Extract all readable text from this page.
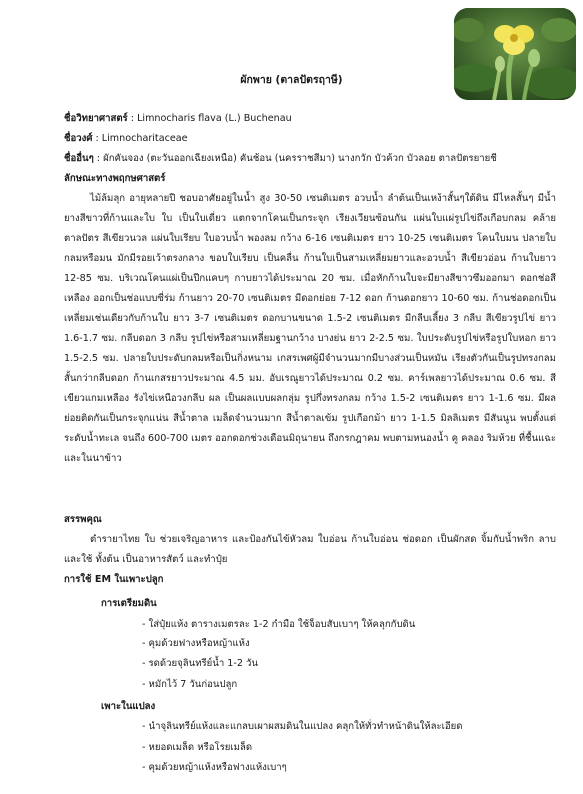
ผักพาย (ตาลปัตรฤาษี)
ชื่อวิทยาศาสตร์ : Limnocharis flava (L.) Buchenau
ชื่อวงศ์ : Limnocharitaceae
ชื่ออื่นๆ : ผักคันจอง (ตะวันออกเฉียงเหนือ) คันช้อน (นครราชสีมา) นางกวัก บัวค้วก บัวลอย ตาลปัตรยายชี
ลักษณะทางพฤกษศาสตร์

ไม้ล้มลุก อายุหลายปี ชอบอาศัยอยู่ในน้ำ สูง 30-50 เซนติเมตร อวบน้ำ ลำต้นเป็นเหง้าสั้นๆใต้ดิน มีไหลสั้นๆ มีน้ำยางสีขาวที่ก้านและใบ ใบ เป็นใบเดี่ยว แตกจากโคนเป็นกระจุก เรียงเวียนซ้อนกัน แผ่นใบแผ่รูปไข่ถึงเกือบกลม คล้ายตาลปัตร สีเขียวนวล แผ่นใบเรียบ ใบอวบน้ำ พองลม กว้าง 6-16 เซนติเมตร ยาว 10-25 เซนติเมตร โคนใบมน ปลายใบกลมหรือมน มักมีรอยเว้าตรงกลาง ขอบใบเรียบ เป็นคลื่น ก้านใบเป็นสามเหลี่ยมยาวและอวบน้ำ สีเขียวอ่อน ก้านใบยาว 12-85 ซม. บริเวณโคนแผ่เป็นปีกแคบๆ กาบยาวได้ประมาณ 20 ซม. เมื่อหักก้านใบจะมียางสีขาวซึมออกมา ดอกช่อสีเหลือง ออกเป็นช่อแบบซี่ร่ม ก้านยาว 20-70 เซนติเมตร มีดอกย่อย 7-12 ดอก ก้านดอกยาว 10-60 ซม. ก้านช่อดอกเป็นเหลี่ยมเช่นเดียวกับก้านใบ ยาว 3-7 เซนติเมตร ดอกบานขนาด 1.5-2 เซนติเมตร มีกลีบเลี้ยง 3 กลีบ สีเขียวรูปไข่ ยาว 1.6-1.7 ซม. กลีบดอก 3 กลีบ รูปไข่หรือสามเหลี่ยมฐานกว้าง บางย่น ยาว 2-2.5 ซม. ใบประดับรูปไข่หรือรูปใบหอก ยาว 1.5-2.5 ซม. ปลายใบประดับกลมหรือเป็นกิ่งหนาม เกสรเพศผู้มีจำนวนมากมีบางส่วนเป็นหมัน เรียงตัวกันเป็นรูปทรงกลม สั้นกว่ากลีบดอก ก้านเกสรยาวประมาณ 4.5 มม. อับเรณูยาวได้ประมาณ 0.2 ซม. คาร์เพลยาวได้ประมาณ 0.6 ซม. สีเขียวแกมเหลือง รังไข่เหนือวงกลีบ ผล เป็นผลแบบผลกลุ่ม รูปกึ่งทรงกลม กว้าง 1.5-2 เซนติเมตร ยาว 1-1.6 ซม. มีผลย่อยติดกันเป็นกระจุกแน่น สีน้ำตาล เมล็ดจำนวนมาก สีน้ำตาลเข้ม รูปเกือกม้า ยาว 1-1.5 มิลลิเมตร มีสันนูน พบตั้งแต่ระดับน้ำทะเล จนถึง 600-700 เมตร ออกดอกช่วงเดือนมิถุนายน ถึงกรกฎาคม พบตามหนองน้ำ คู คลอง ริมห้วย ที่ชื้นแฉะ และในนาข้าว

สรรพคุณ

ตำรายาไทย ใบ ช่วยเจริญอาหาร และป้องกันไข้หัวลม ใบอ่อน ก้านใบอ่อน ช่อดอก เป็นผักสด จิ้มกับน้ำพริก ลาบ และใช้ ทั้งต้น เป็นอาหารสัตว์ และทำปุ๋ย

การใช้ EM ในเพาะปลูก
การเตรียมดิน
- ใส่ปุ๋ยแห้ง ตารางเมตรละ 1-2 กำมือ ใช้จ็อบสับเบาๆ ให้คลุกกับดิน
- คุมด้วยฟางหรือหญ้าแห้ง
- รดด้วยจุลินทรีย์น้ำ 1-2 วัน
- หมักไว้ 7 วันก่อนปลูก
เพาะในแปลง
- นำจุลินทรีย์แห้งและแกลบเผาผสมดินในแปลง คลุกให้ทั่วทำหน้าดินให้ละเอียด
- หยอดเมล็ด หรือโรยเมล็ด
- คุมด้วยหญ้าแห้งหรือฟางแห้งเบาๆ
